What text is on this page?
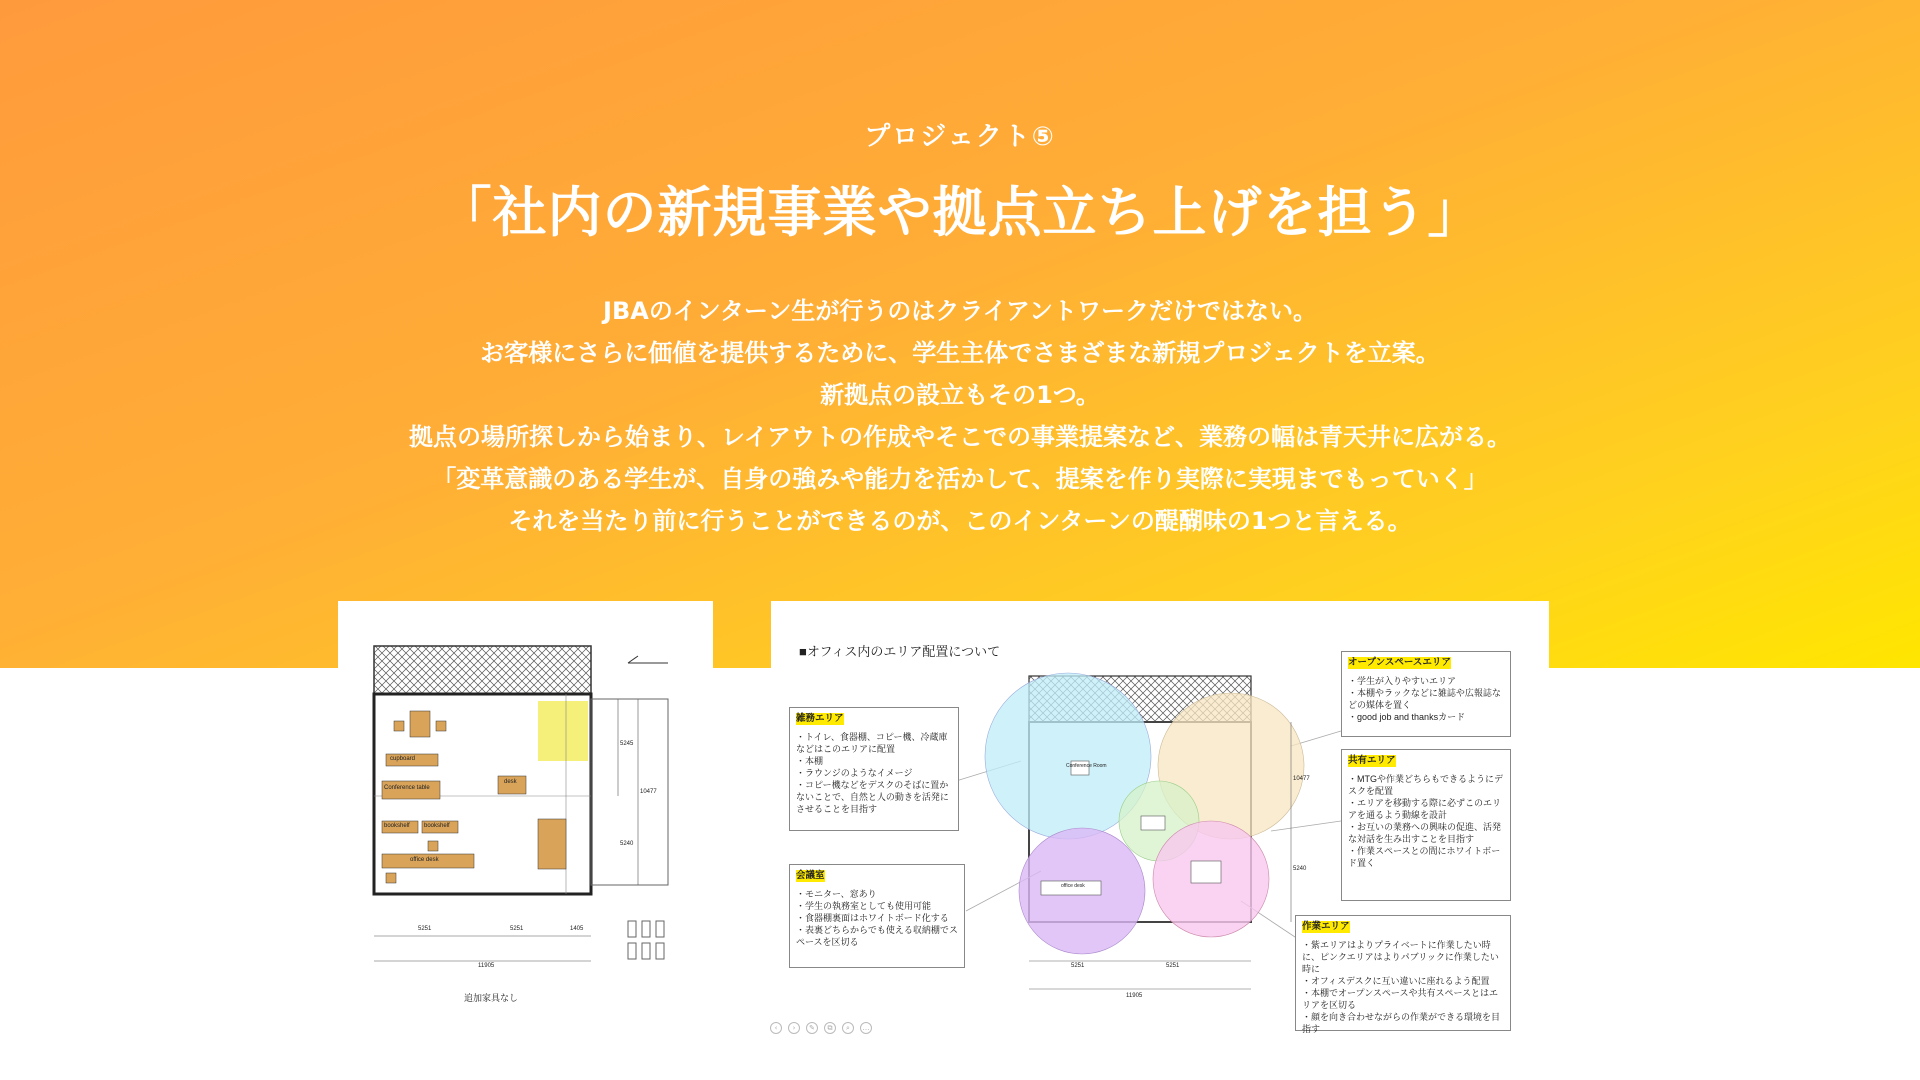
プロジェクト⑤
「社内の新規事業や拠点立ち上げを担う」
JBAのインターン生が行うのはクライアントワークだけではない。
お客様にさらに価値を提供するために、学生主体でさまざまな新規プロジェクトを立案。
新拠点の設立もその1つ。
拠点の場所探しから始まり、レイアウトの作成やそこでの事業提案など、業務の幅は青天井に広がる。
「変革意識のある学生が、自身の強みや能力を活かして、提案を作り実際に実現までもっていく」
それを当たり前に行うことができるのが、このインターンの醍醐味の1つと言える。
cupboard
Conference table
desk
bookshelf bookshelf
office desk
5251	5251	1405
11905
5245
10477
5240
追加家具なし
■オフィス内のエリア配置について
Conference Room
office desk
5251	5251
11905
10477
5240
雑務エリア
・トイレ、食器棚、コピー機、冷蔵庫などはこのエリアに配置
・本棚
・ラウンジのようなイメージ
・コピー機などをデスクのそばに置かないことで、自然と人の動きを活発にさせることを目指す
会議室
・モニター、窓あり
・学生の執務室としても使用可能
・食器棚裏面はホワイトボード化する
・表裏どちらからでも使える収納棚でスペースを区切る
オープンスペースエリア
・学生が入りやすいエリア
・本棚やラックなどに雑誌や広報誌などの媒体を置く
・good job and thanksカード
共有エリア
・MTGや作業どちらもできるようにデスクを配置
・エリアを移動する際に必ずこのエリアを通るよう動線を設計
・お互いの業務への興味の促進、活発な対話を生み出すことを目指す
・作業スペースとの間にホワイトボード置く
作業エリア
・紫エリアはよりプライベートに作業したい時に、ピンクエリアはよりパブリックに作業したい時に
・オフィスデスクに互い違いに座れるよう配置
・本棚でオープンスペースや共有スペースとはエリアを区切る
・顔を向き合わせながらの作業ができる環境を目指す
‹	›	✎	⧉	⌕	…
